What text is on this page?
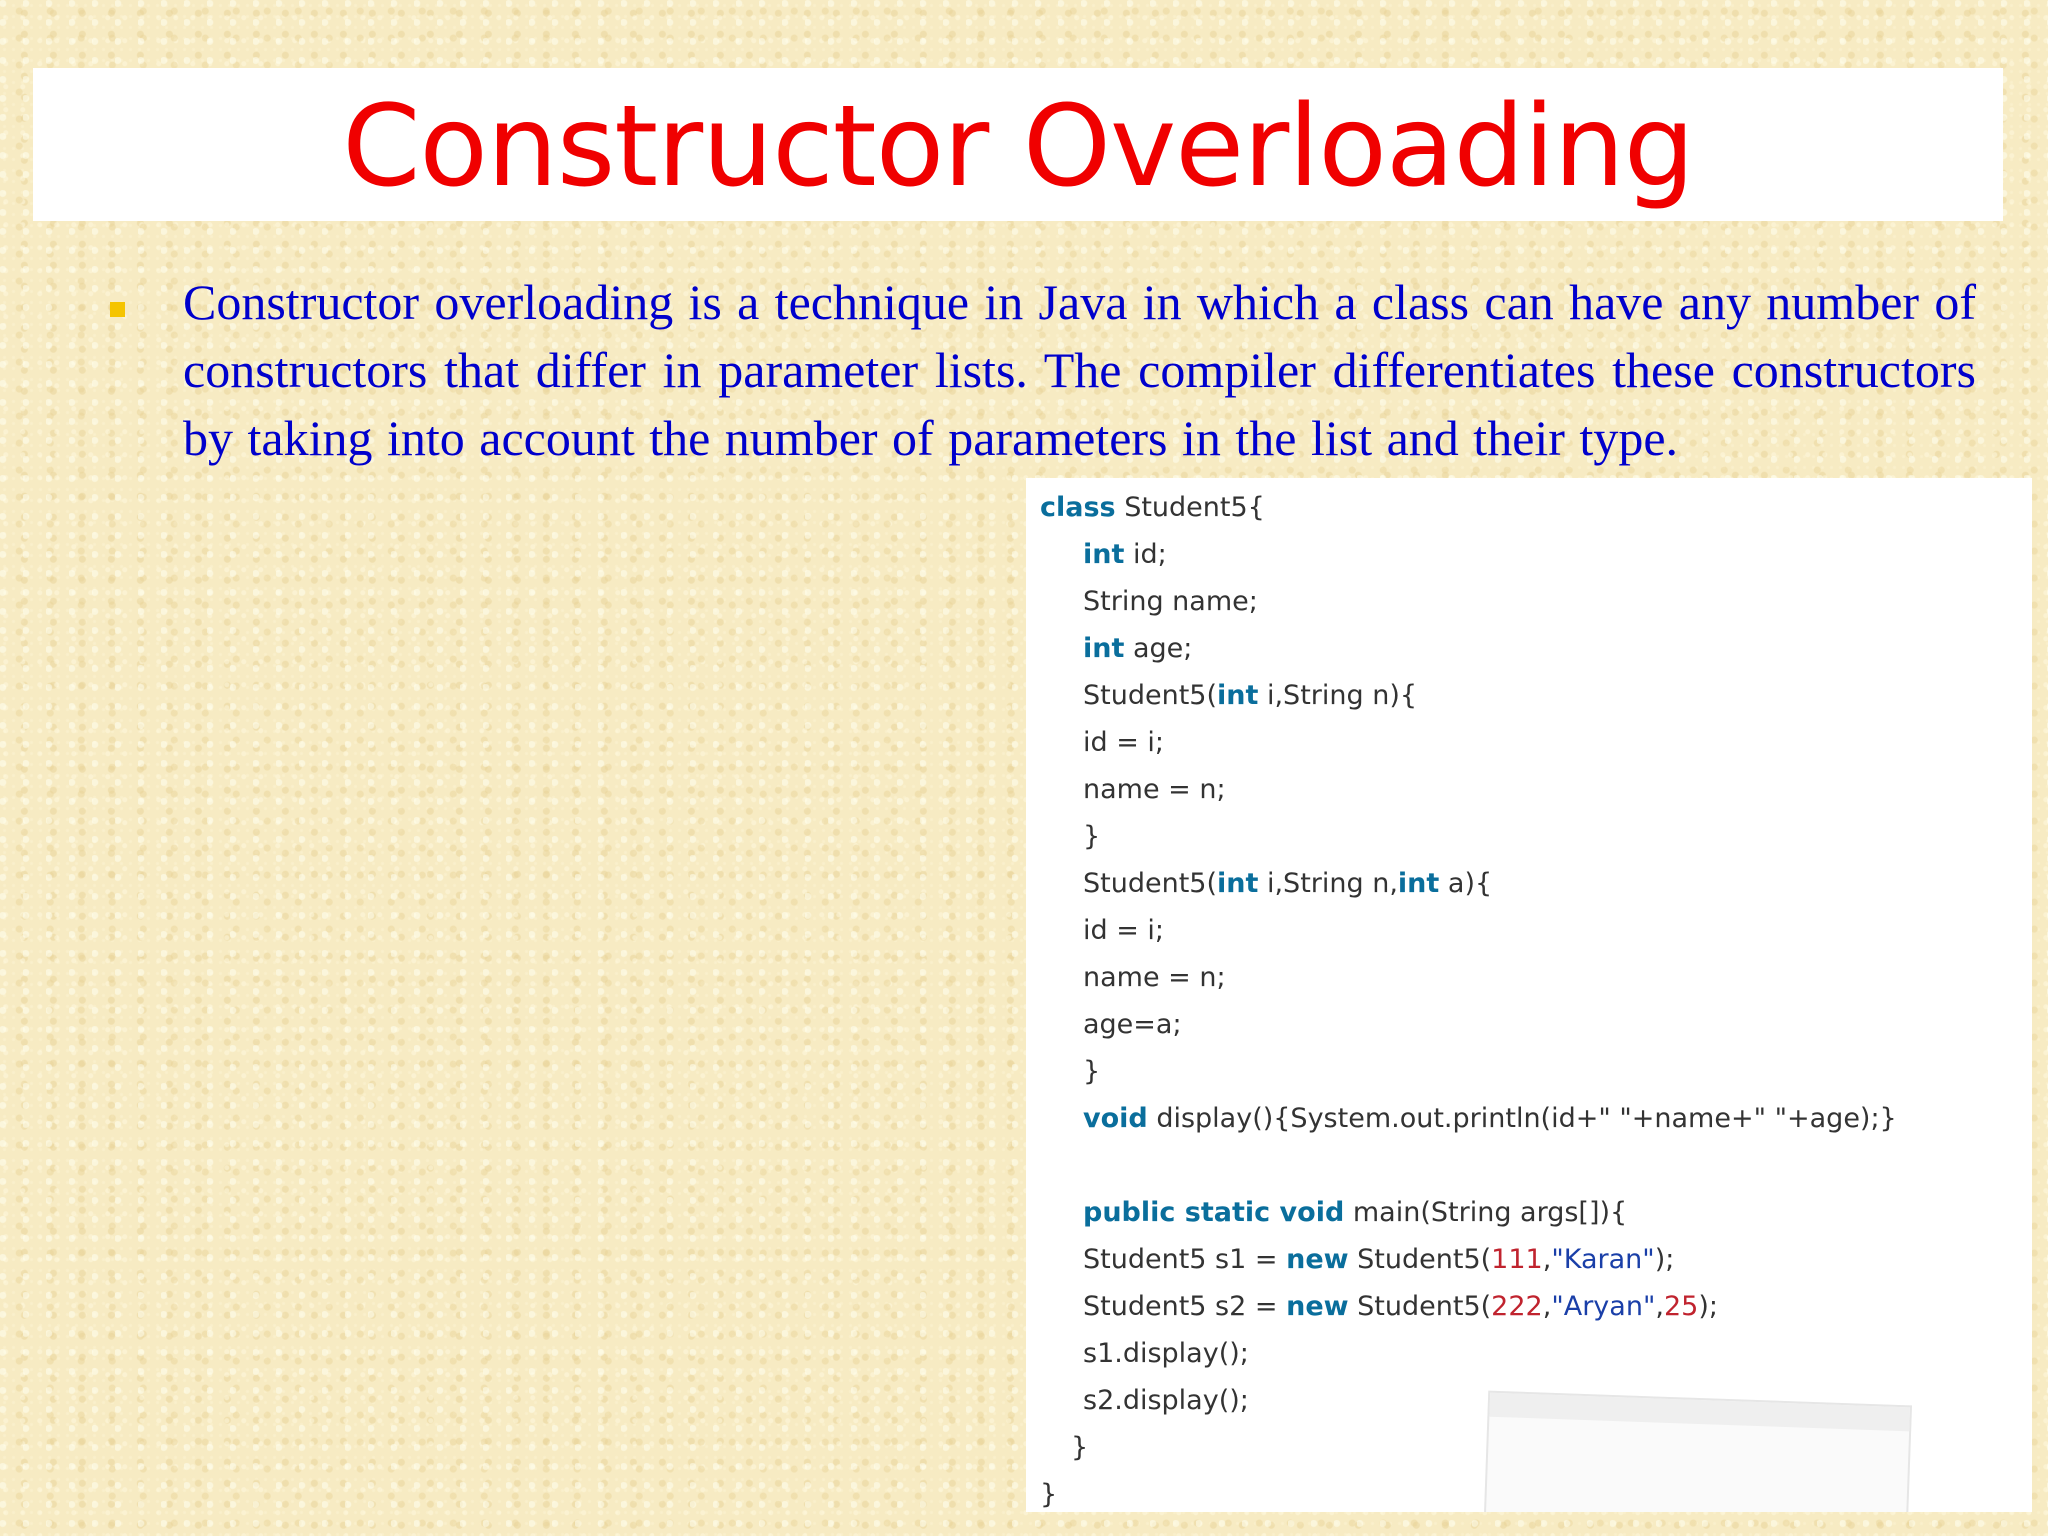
Constructor Overloading

Constructor overloading is a technique in Java in which a class can have any number of constructors that differ in parameter lists. The compiler differentiates these constructors by taking into account the number of parameters in the list and their type.

class Student5{
int id;
String name;
int age;
Student5(int i,String n){
id = i;
name = n;
}
Student5(int i,String n,int a){
id = i;
name = n;
age=a;
}
void display(){System.out.println(id+" "+name+" "+age);}
public static void main(String args[]){
Student5 s1 = new Student5(111,"Karan");
Student5 s2 = new Student5(222,"Aryan",25);
s1.display();
s2.display();
}
}
